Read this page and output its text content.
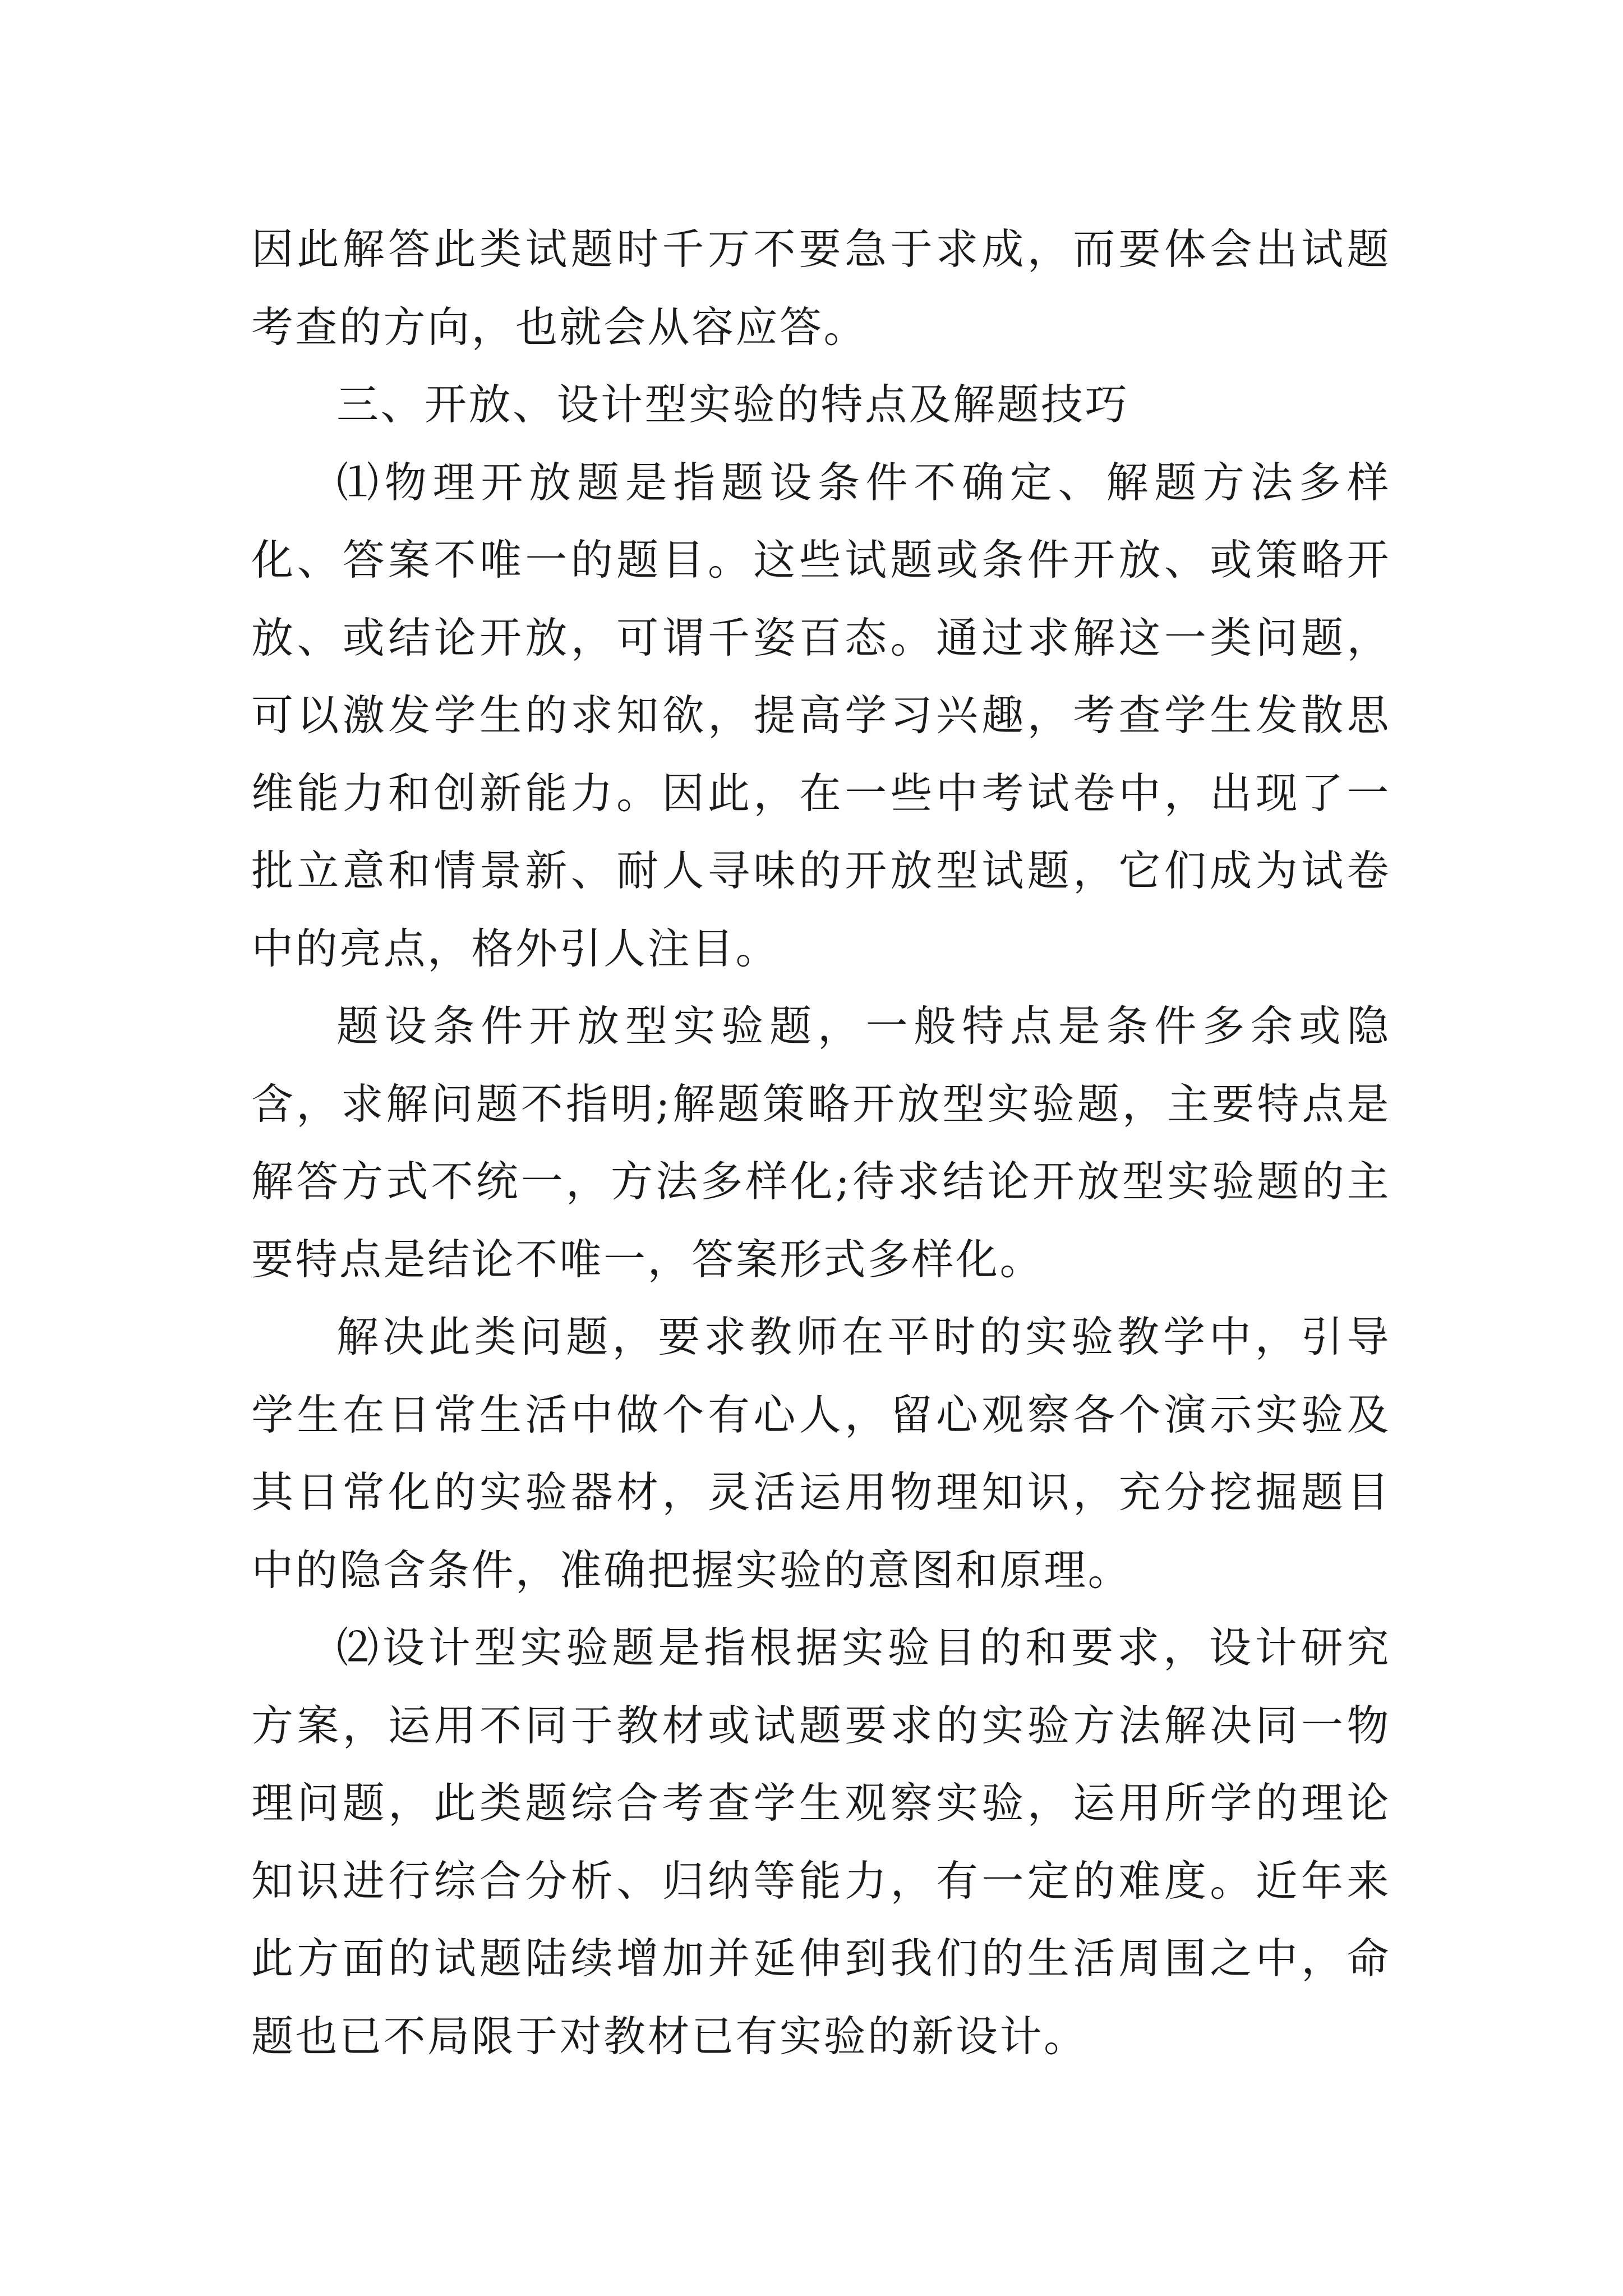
因此解答此类试题时千万不要急于求成，而要体会出试题考查的方向，也就会从容应答。

三、开放、设计型实验的特点及解题技巧

⑴物理开放题是指题设条件不确定、解题方法多样化、答案不唯一的题目。这些试题或条件开放、或策略开放、或结论开放，可谓千姿百态。通过求解这一类问题，可以激发学生的求知欲，提高学习兴趣，考查学生发散思维能力和创新能力。因此，在一些中考试卷中，出现了一批立意和情景新、耐人寻味的开放型试题，它们成为试卷中的亮点，格外引人注目。

题设条件开放型实验题，一般特点是条件多余或隐含，求解问题不指明;解题策略开放型实验题，主要特点是解答方式不统一，方法多样化;待求结论开放型实验题的主要特点是结论不唯一，答案形式多样化。

解决此类问题，要求教师在平时的实验教学中，引导学生在日常生活中做个有心人，留心观察各个演示实验及其日常化的实验器材，灵活运用物理知识，充分挖掘题目中的隐含条件，准确把握实验的意图和原理。

⑵设计型实验题是指根据实验目的和要求，设计研究方案，运用不同于教材或试题要求的实验方法解决同一物理问题，此类题综合考查学生观察实验，运用所学的理论知识进行综合分析、归纳等能力，有一定的难度。近年来此方面的试题陆续增加并延伸到我们的生活周围之中，命题也已不局限于对教材已有实验的新设计。
